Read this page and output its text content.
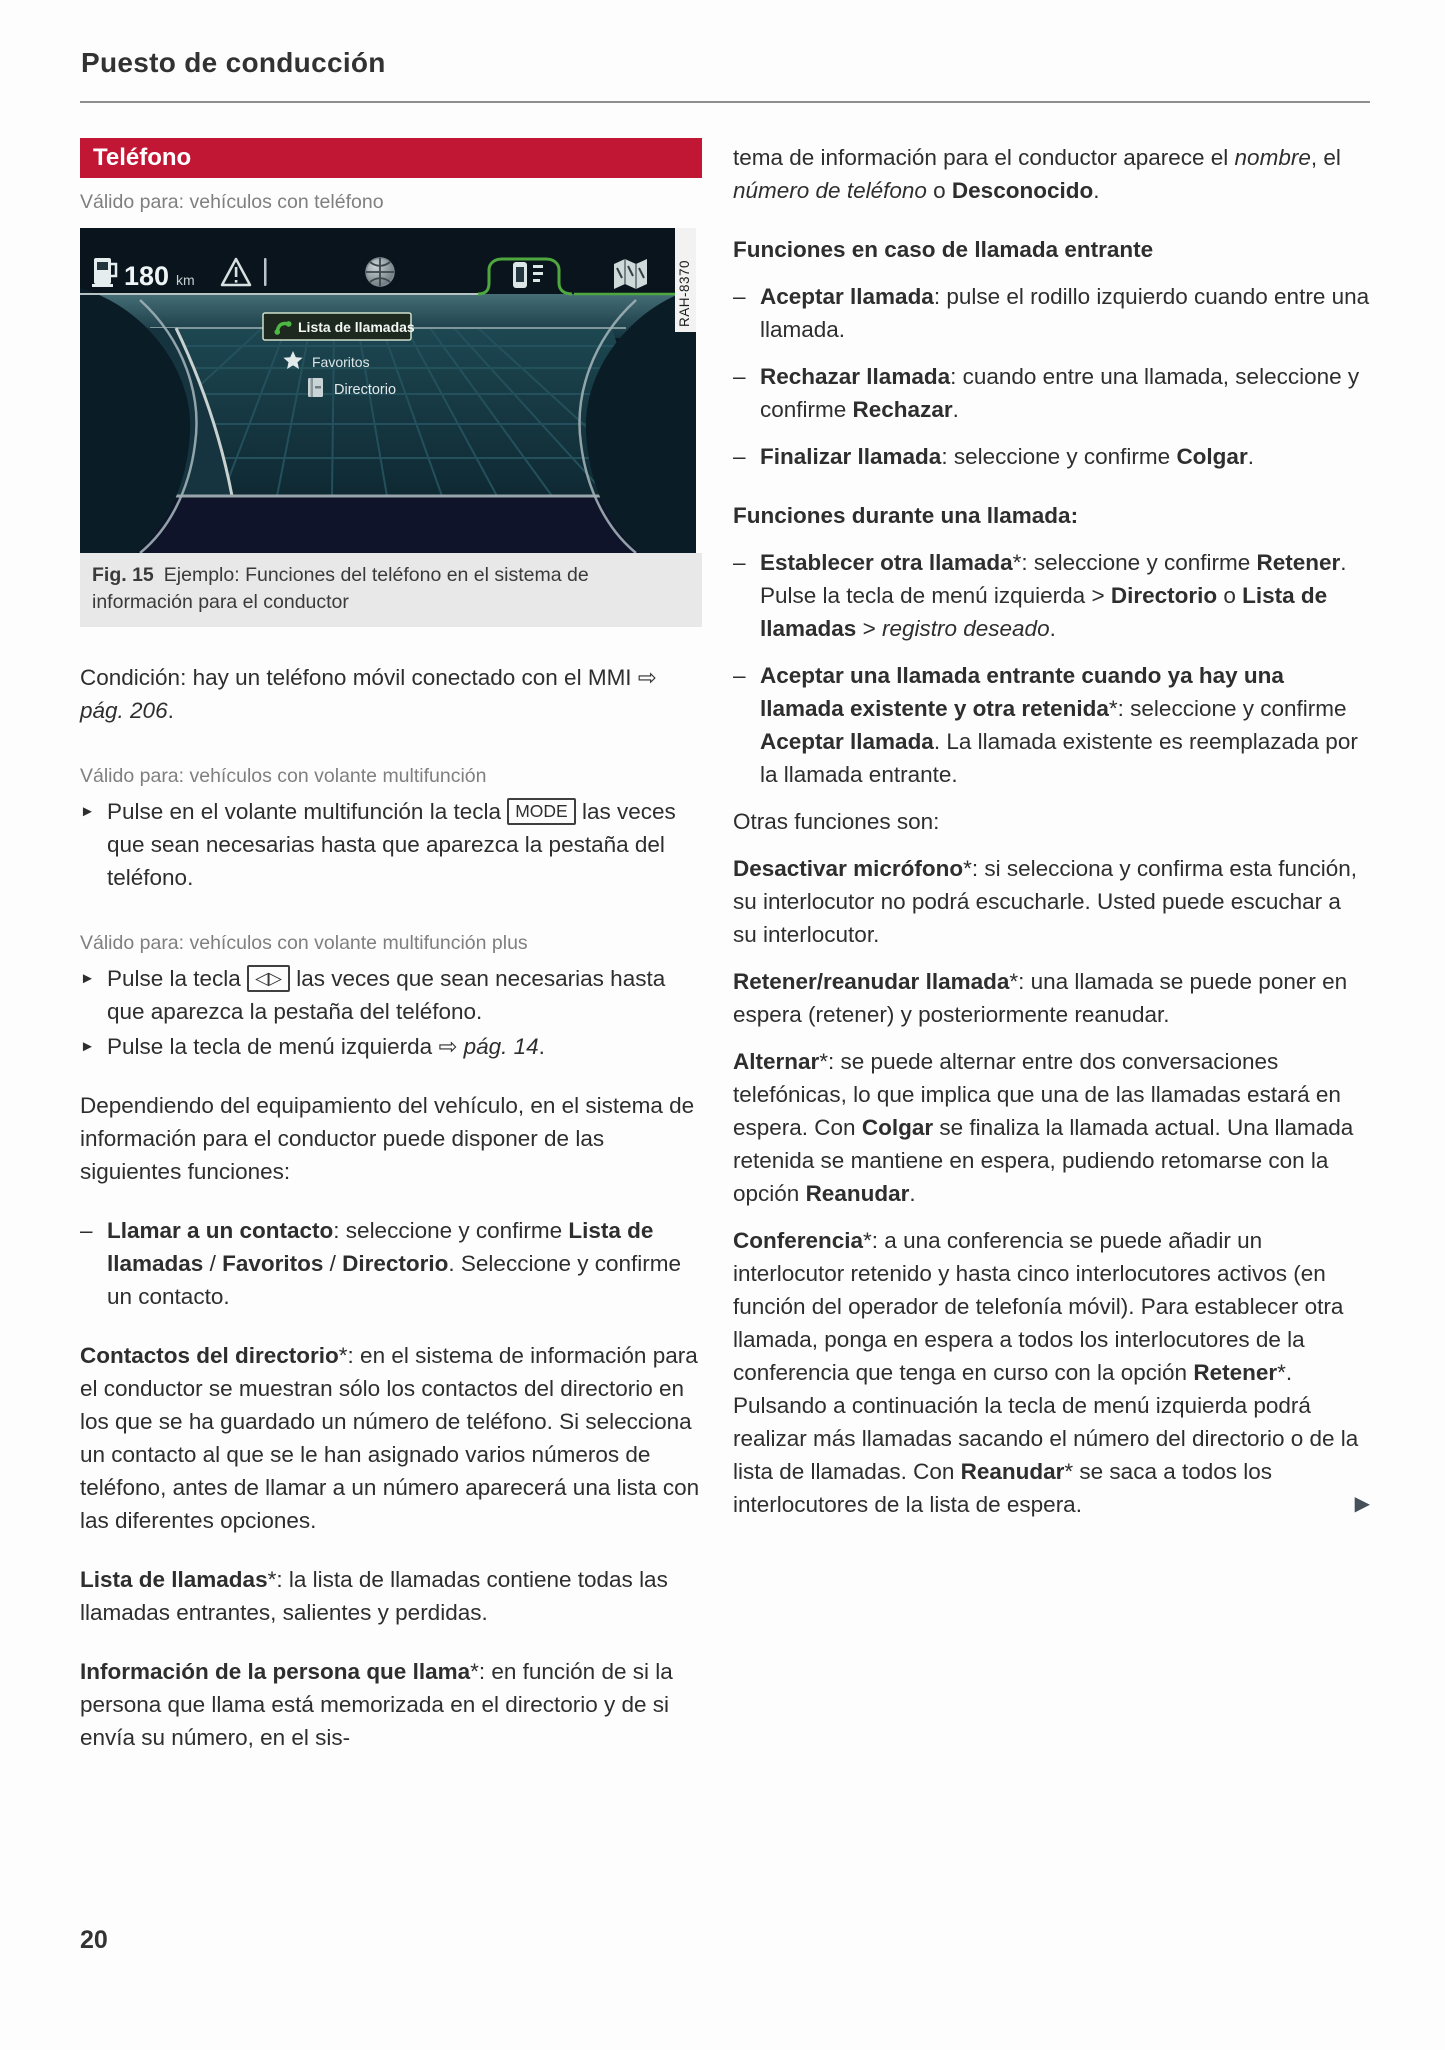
Puesto de conducción
Teléfono
Válido para: vehículos con teléfono
180 km	RAH-8370
Lista de llamadas
Favoritos
Directorio
Fig. 15 Ejemplo: Funciones del teléfono en el sistema de información para el conductor
Condición: hay un teléfono móvil conectado con el MMI ⇨ pág. 206.
Válido para: vehículos con volante multifunción
► Pulse en el volante multifunción la tecla MODE las veces que sean necesarias hasta que aparezca la pestaña del teléfono.
Válido para: vehículos con volante multifunción plus
► Pulse la tecla ◁▷ las veces que sean necesarias hasta que aparezca la pestaña del teléfono.
► Pulse la tecla de menú izquierda ⇨ pág. 14.
Dependiendo del equipamiento del vehículo, en el sistema de información para el conductor puede disponer de las siguientes funciones:
– Llamar a un contacto: seleccione y confirme Lista de llamadas / Favoritos / Directorio. Seleccione y confirme un contacto.
Contactos del directorio*: en el sistema de información para el conductor se muestran sólo los contactos del directorio en los que se ha guardado un número de teléfono. Si selecciona un contacto al que se le han asignado varios números de teléfono, antes de llamar a un número aparecerá una lista con las diferentes opciones.
Lista de llamadas*: la lista de llamadas contiene todas las llamadas entrantes, salientes y perdidas.
Información de la persona que llama*: en función de si la persona que llama está memorizada en el directorio y de si envía su número, en el sis-
tema de información para el conductor aparece el nombre, el número de teléfono o Desconocido.
Funciones en caso de llamada entrante
– Aceptar llamada: pulse el rodillo izquierdo cuando entre una llamada.
– Rechazar llamada: cuando entre una llamada, seleccione y confirme Rechazar.
– Finalizar llamada: seleccione y confirme Colgar.
Funciones durante una llamada:
– Establecer otra llamada*: seleccione y confirme Retener. Pulse la tecla de menú izquierda > Directorio o Lista de llamadas > registro deseado.
– Aceptar una llamada entrante cuando ya hay una llamada existente y otra retenida*: seleccione y confirme Aceptar llamada. La llamada existente es reemplazada por la llamada entrante.
Otras funciones son:
Desactivar micrófono*: si selecciona y confirma esta función, su interlocutor no podrá escucharle. Usted puede escuchar a su interlocutor.
Retener/reanudar llamada*: una llamada se puede poner en espera (retener) y posteriormente reanudar.
Alternar*: se puede alternar entre dos conversaciones telefónicas, lo que implica que una de las llamadas estará en espera. Con Colgar se finaliza la llamada actual. Una llamada retenida se mantiene en espera, pudiendo retomarse con la opción Reanudar.
Conferencia*: a una conferencia se puede añadir un interlocutor retenido y hasta cinco interlocutores activos (en función del operador de telefonía móvil). Para establecer otra llamada, ponga en espera a todos los interlocutores de la conferencia que tenga en curso con la opción Retener*. Pulsando a continuación la tecla de menú izquierda podrá realizar más llamadas sacando el número del directorio o de la lista de llamadas. Con Reanudar* se saca a todos los interlocutores de la lista de espera.	▶
20
